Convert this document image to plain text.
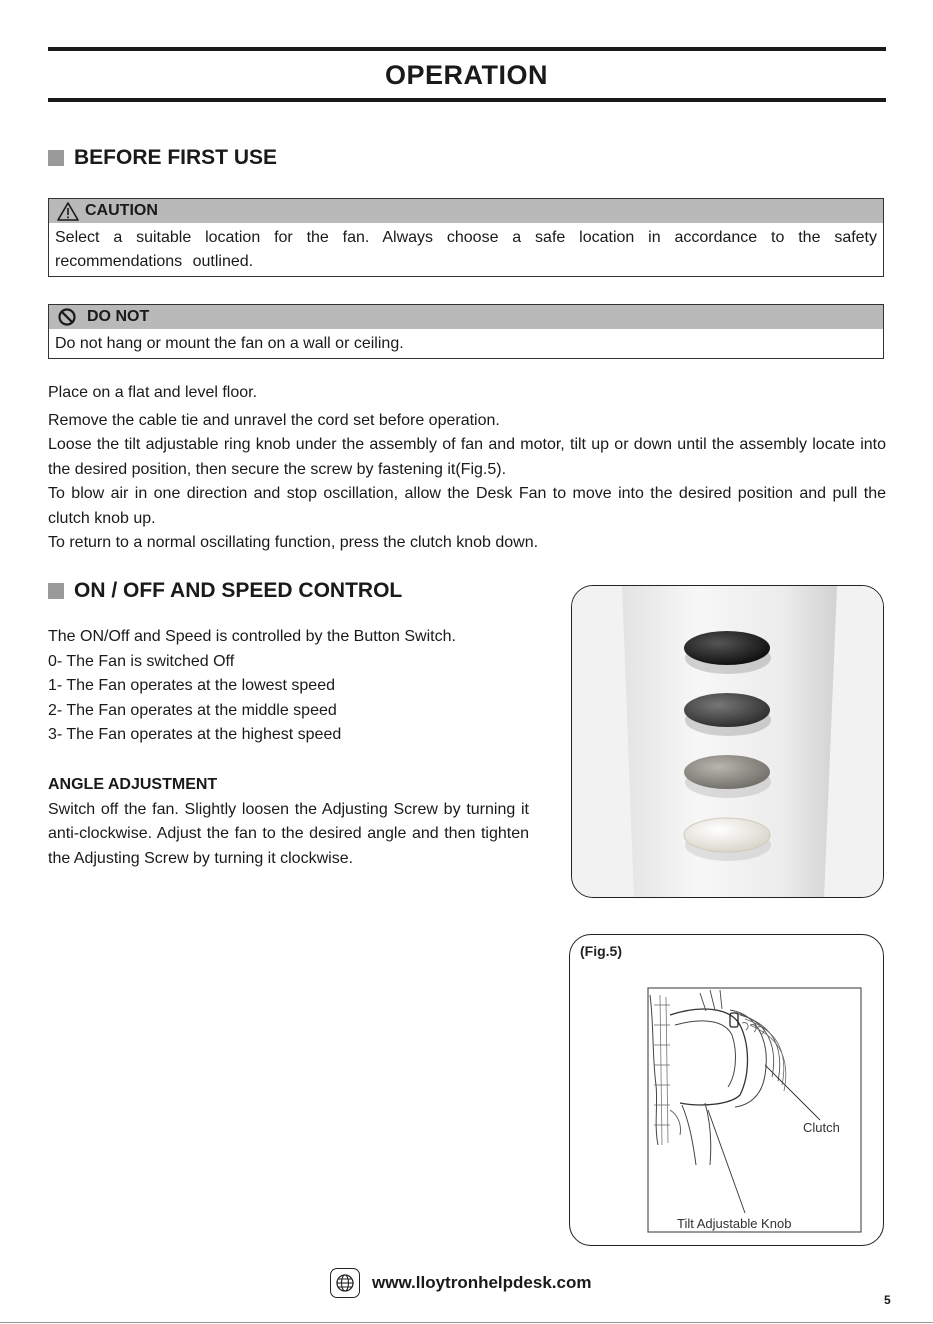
OPERATION
BEFORE FIRST USE
CAUTION
Select a suitable location for the fan. Always choose a safe location in accordance to the safety recommendations outlined.
DO NOT
Do not hang or mount the fan on a wall or ceiling.

Place on a flat and level floor.

Remove the cable tie and unravel the cord set before operation.

Loose the tilt adjustable ring knob under the assembly of fan and motor, tilt up or down until the assembly locate into the desired position, then secure the screw by fastening it(Fig.5).

To blow air in one direction and stop oscillation, allow the Desk Fan to move into the desired position and pull the clutch knob up.

To return to a normal oscillating function, press the clutch knob down.

ON / OFF AND SPEED CONTROL

The ON/Off and Speed is controlled by the Button Switch.

0- The Fan is switched Off

1- The Fan operates at the lowest speed

2- The Fan operates at the middle speed

3- The Fan operates at the highest speed

ANGLE ADJUSTMENT

Switch off the fan. Slightly loosen the Adjusting Screw by turning it anti-clockwise. Adjust the fan to the desired angle and then tighten the Adjusting Screw by turning it clockwise.

(Fig.5)
Clutch
Tilt Adjustable Knob
www.lloytronhelpdesk.com
5
